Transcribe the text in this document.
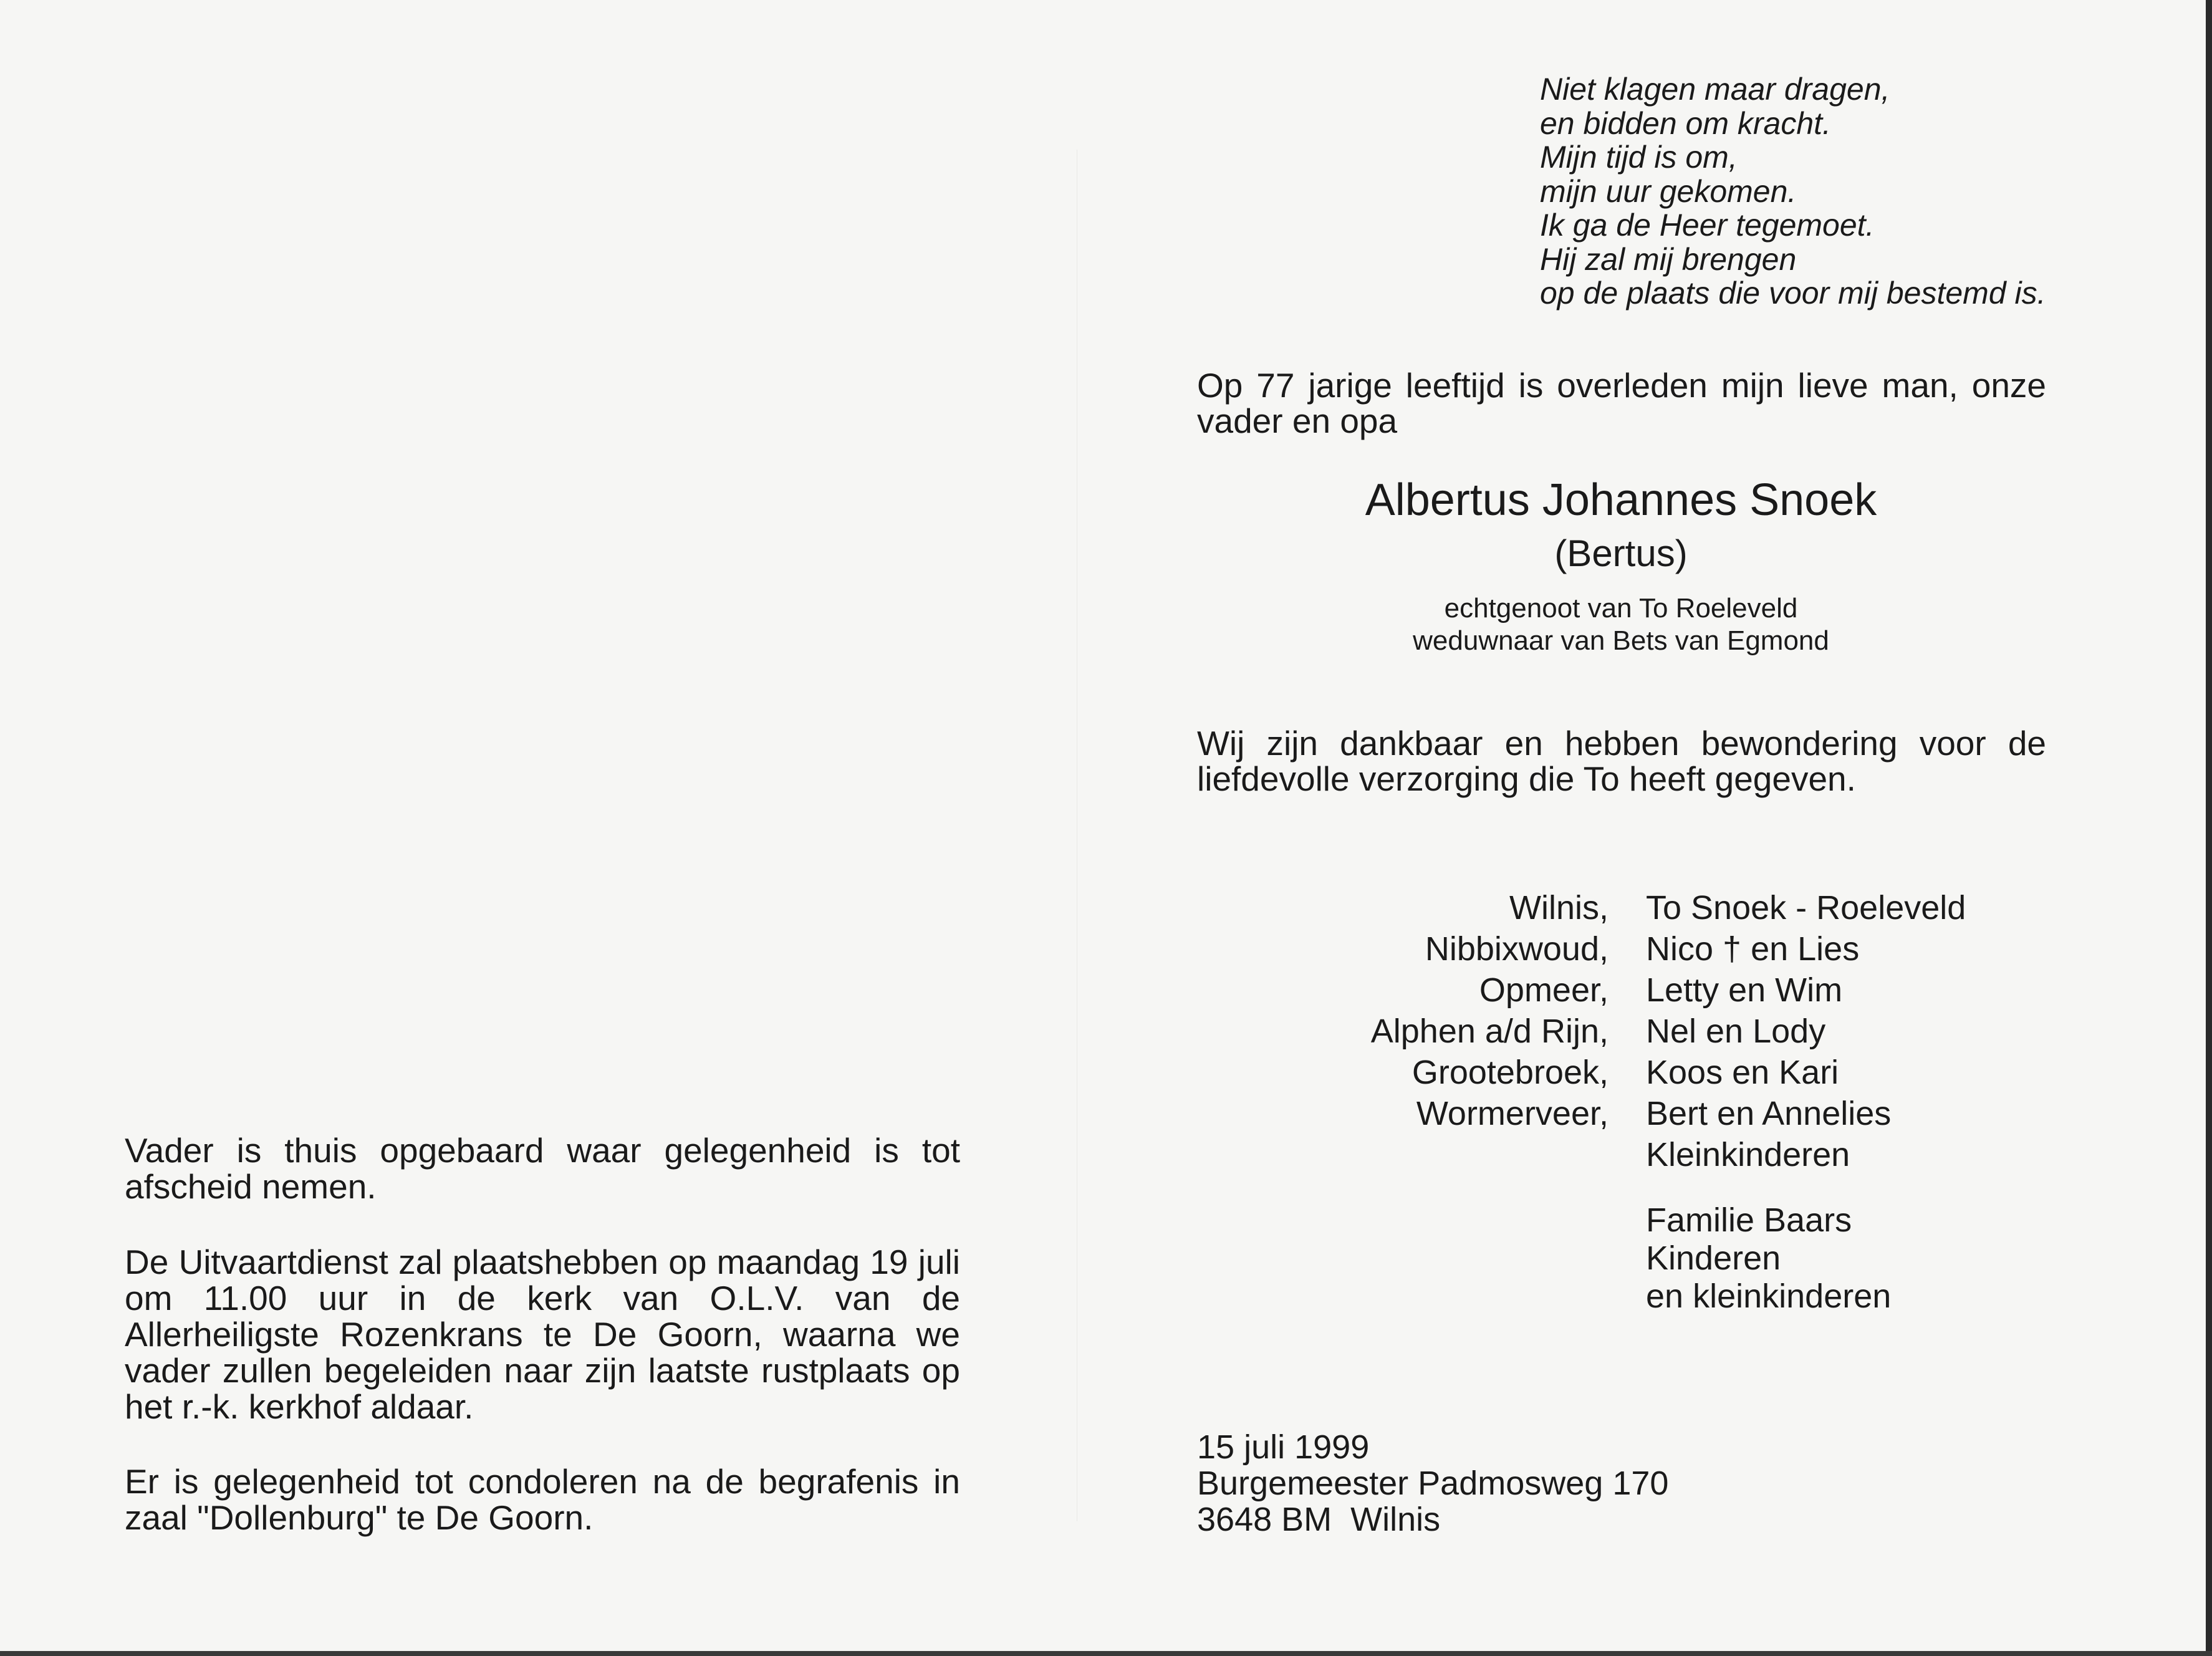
Vader is thuis opgebaard waar gelegenheid is tot afscheid nemen.

De Uitvaartdienst zal plaatshebben op maandag 19 juli om 11.00 uur in de kerk van O.L.V. van de Allerheiligste Rozenkrans te De Goorn, waarna we vader zullen begeleiden naar zijn laatste rustplaats op het r.-k. kerkhof aldaar.

Er is gelegenheid tot condoleren na de begrafenis in zaal "Dollenburg" te De Goorn.

Niet klagen maar dragen,
en bidden om kracht.
Mijn tijd is om,
mijn uur gekomen.
Ik ga de Heer tegemoet.
Hij zal mij brengen
op de plaats die voor mij bestemd is.
Op 77 jarige leeftijd is overleden mijn lieve man, onze vader en opa
Albertus Johannes Snoek
(Bertus)
echtgenoot van To Roeleveld
weduwnaar van Bets van Egmond
Wij zijn dankbaar en hebben bewondering voor de liefdevolle verzorging die To heeft gegeven.
Wilnis,
Nibbixwoud,
Opmeer,
Alphen a/d Rijn,
Grootebroek,
Wormerveer,
To Snoek - Roeleveld
Nico † en Lies
Letty en Wim
Nel en Lody
Koos en Kari
Bert en Annelies
Kleinkinderen
Familie Baars
Kinderen
en kleinkinderen
15 juli 1999
Burgemeester Padmosweg 170
3648 BM  Wilnis
